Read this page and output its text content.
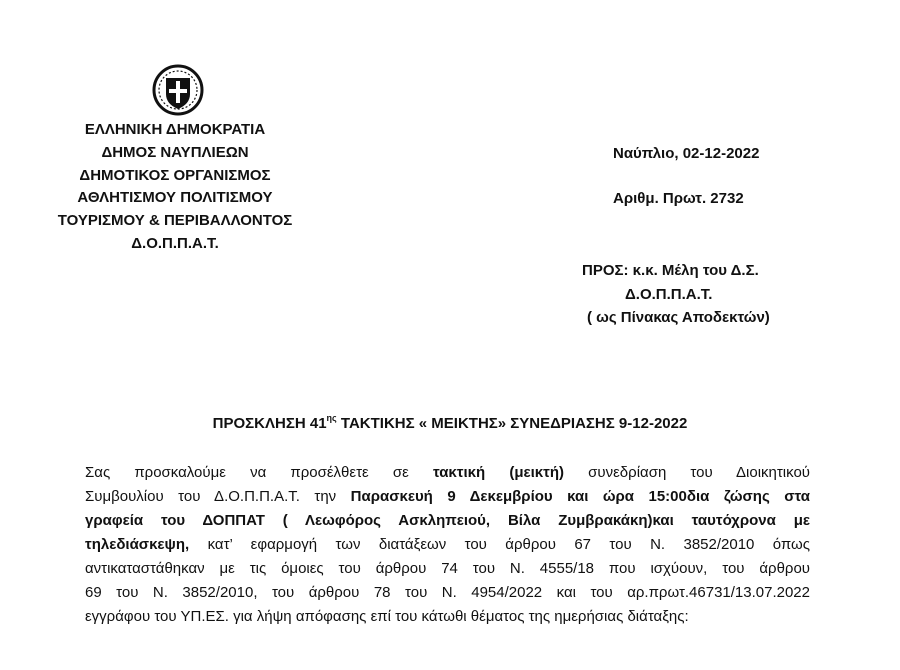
ΕΛΛΗΝΙΚΗ ΔΗΜΟΚΡΑΤΙΑ
ΔΗΜΟΣ ΝΑΥΠΛΙΕΩΝ
ΔΗΜΟΤΙΚΟΣ ΟΡΓΑΝΙΣΜΟΣ
ΑΘΛΗΤΙΣΜΟΥ ΠΟΛΙΤΙΣΜΟΥ
ΤΟΥΡΙΣΜΟΥ & ΠΕΡΙΒΑΛΛΟΝΤΟΣ
Δ.Ο.Π.Π.Α.Τ.
Ναύπλιο, 02-12-2022
Αριθμ. Πρωτ. 2732
ΠΡΟΣ: κ.κ. Μέλη του Δ.Σ.
Δ.Ο.Π.Π.Α.Τ.
( ως Πίνακας Αποδεκτών)
ΠΡΟΣΚΛΗΣΗ $41^{\eta\varsigma}$ ΤΑΚΤΙΚΗΣ « ΜΕΙΚΤΗΣ» ΣΥΝΕΔΡΙΑΣΗΣ 9-12-2022
Σας προσκαλούμε να προσέλθετε σε τακτική (μεικτή) συνεδρίαση του Διοικητικού
Συμβουλίου του Δ.Ο.Π.Π.Α.Τ. την Παρασκευή 9 Δεκεμβρίου και ώρα 15:00δια ζώσης στα
γραφεία του ΔΟΠΠΑΤ ( Λεωφόρος Ασκληπειού, Βίλα Ζυμβρακάκη)και ταυτόχρονα με
τηλεδιάσκεψη, κατ’ εφαρμογή των διατάξεων του άρθρου 67 του Ν. 3852/2010 όπως
αντικαταστάθηκαν με τις όμοιες του άρθρου 74 του Ν. 4555/18 που ισχύουν, του άρθρου
69 του Ν. 3852/2010, του άρθρου 78 του Ν. 4954/2022 και του αρ.πρωτ.46731/13.07.2022
εγγράφου του ΥΠ.ΕΣ. για λήψη απόφασης επί του κάτωθι θέματος της ημερήσιας διάταξης:
